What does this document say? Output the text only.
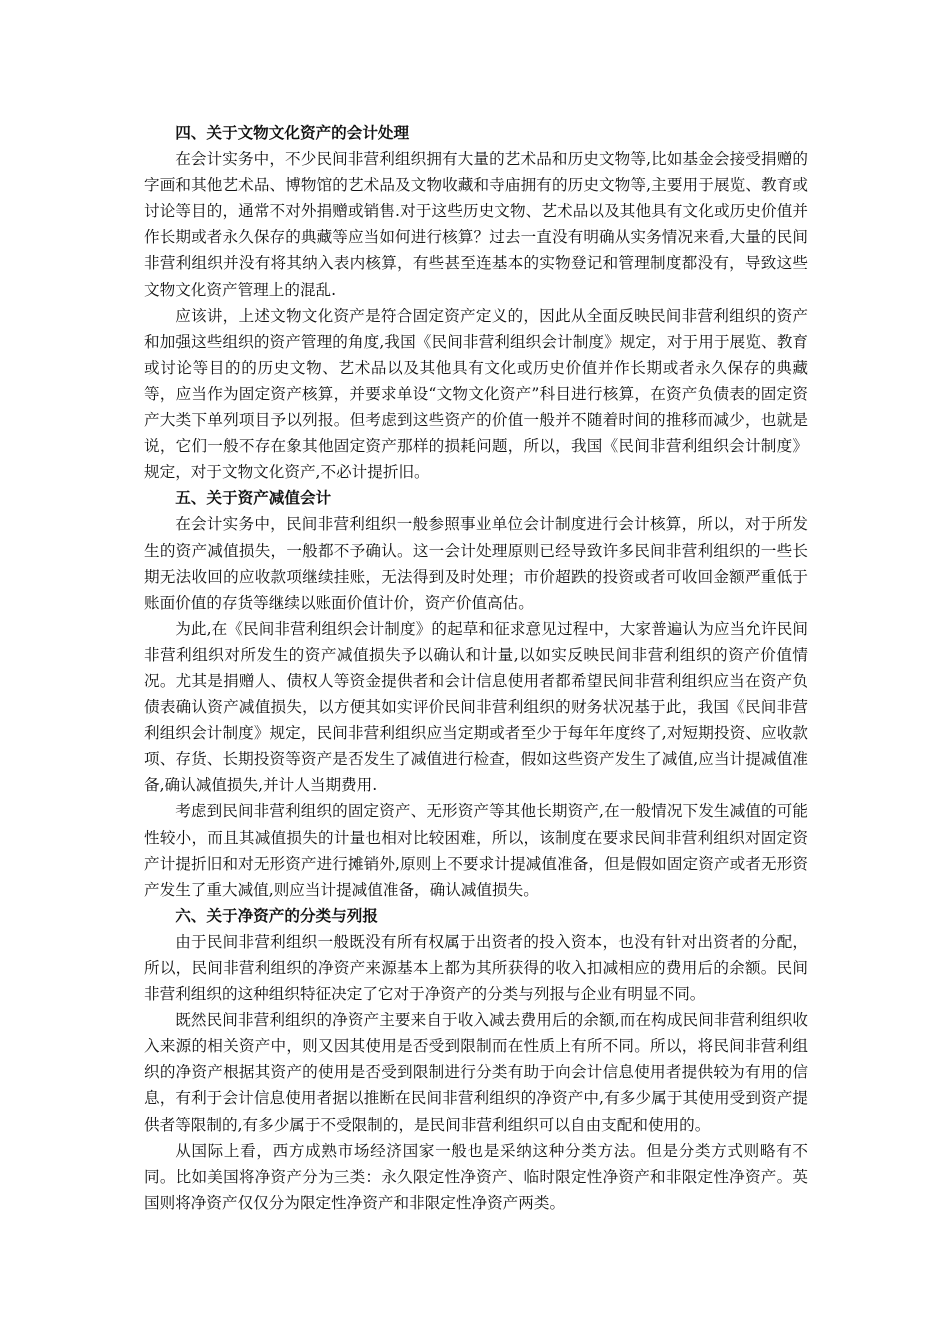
四、关于文物文化资产的会计处理

在会计实务中，不少民间非营利组织拥有大量的艺术品和历史文物等,比如基金会接受捐赠的字画和其他艺术品、博物馆的艺术品及文物收藏和寺庙拥有的历史文物等,主要用于展览、教育或讨论等目的，通常不对外捐赠或销售.对于这些历史文物、艺术品以及其他具有文化或历史价值并作长期或者永久保存的典藏等应当如何进行核算？过去一直没有明确从实务情况来看,大量的民间非营利组织并没有将其纳入表内核算，有些甚至连基本的实物登记和管理制度都没有，导致这些文物文化资产管理上的混乱.

应该讲，上述文物文化资产是符合固定资产定义的，因此从全面反映民间非营利组织的资产和加强这些组织的资产管理的角度,我国《民间非营利组织会计制度》规定，对于用于展览、教育或讨论等目的的历史文物、艺术品以及其他具有文化或历史价值并作长期或者永久保存的典藏等，应当作为固定资产核算，并要求单设“文物文化资产”科目进行核算，在资产负债表的固定资产大类下单列项目予以列报。但考虑到这些资产的价值一般并不随着时间的推移而减少，也就是说，它们一般不存在象其他固定资产那样的损耗问题，所以，我国《民间非营利组织会计制度》规定，对于文物文化资产,不必计提折旧。

五、关于资产减值会计

在会计实务中，民间非营利组织一般参照事业单位会计制度进行会计核算，所以，对于所发生的资产减值损失，一般都不予确认。这一会计处理原则已经导致许多民间非营利组织的一些长期无法收回的应收款项继续挂账，无法得到及时处理；市价超跌的投资或者可收回金额严重低于账面价值的存货等继续以账面价值计价，资产价值高估。

为此,在《民间非营利组织会计制度》的起草和征求意见过程中，大家普遍认为应当允许民间非营利组织对所发生的资产减值损失予以确认和计量,以如实反映民间非营利组织的资产价值情况。尤其是捐赠人、债权人等资金提供者和会计信息使用者都希望民间非营利组织应当在资产负债表确认资产减值损失，以方便其如实评价民间非营利组织的财务状况基于此，我国《民间非营利组织会计制度》规定，民间非营利组织应当定期或者至少于每年年度终了,对短期投资、应收款项、存货、长期投资等资产是否发生了减值进行检查，假如这些资产发生了减值,应当计提减值准备,确认减值损失,并计人当期费用.

考虑到民间非营利组织的固定资产、无形资产等其他长期资产,在一般情况下发生减值的可能性较小，而且其减值损失的计量也相对比较困难，所以，该制度在要求民间非营利组织对固定资产计提折旧和对无形资产进行摊销外,原则上不要求计提减值准备，但是假如固定资产或者无形资产发生了重大减值,则应当计提减值准备，确认减值损失。

六、关于净资产的分类与列报

由于民间非营利组织一般既没有所有权属于出资者的投入资本，也没有针对出资者的分配，所以，民间非营利组织的净资产来源基本上都为其所获得的收入扣减相应的费用后的余额。民间非营利组织的这种组织特征决定了它对于净资产的分类与列报与企业有明显不同。

既然民间非营利组织的净资产主要来自于收入减去费用后的余额,而在构成民间非营利组织收入来源的相关资产中，则又因其使用是否受到限制而在性质上有所不同。所以，将民间非营利组织的净资产根据其资产的使用是否受到限制进行分类有助于向会计信息使用者提供较为有用的信息，有利于会计信息使用者据以推断在民间非营利组织的净资产中,有多少属于其使用受到资产提供者等限制的,有多少属于不受限制的，是民间非营利组织可以自由支配和使用的。

从国际上看，西方成熟市场经济国家一般也是采纳这种分类方法。但是分类方式则略有不同。比如美国将净资产分为三类：永久限定性净资产、临时限定性净资产和非限定性净资产。英国则将净资产仅仅分为限定性净资产和非限定性净资产两类。
